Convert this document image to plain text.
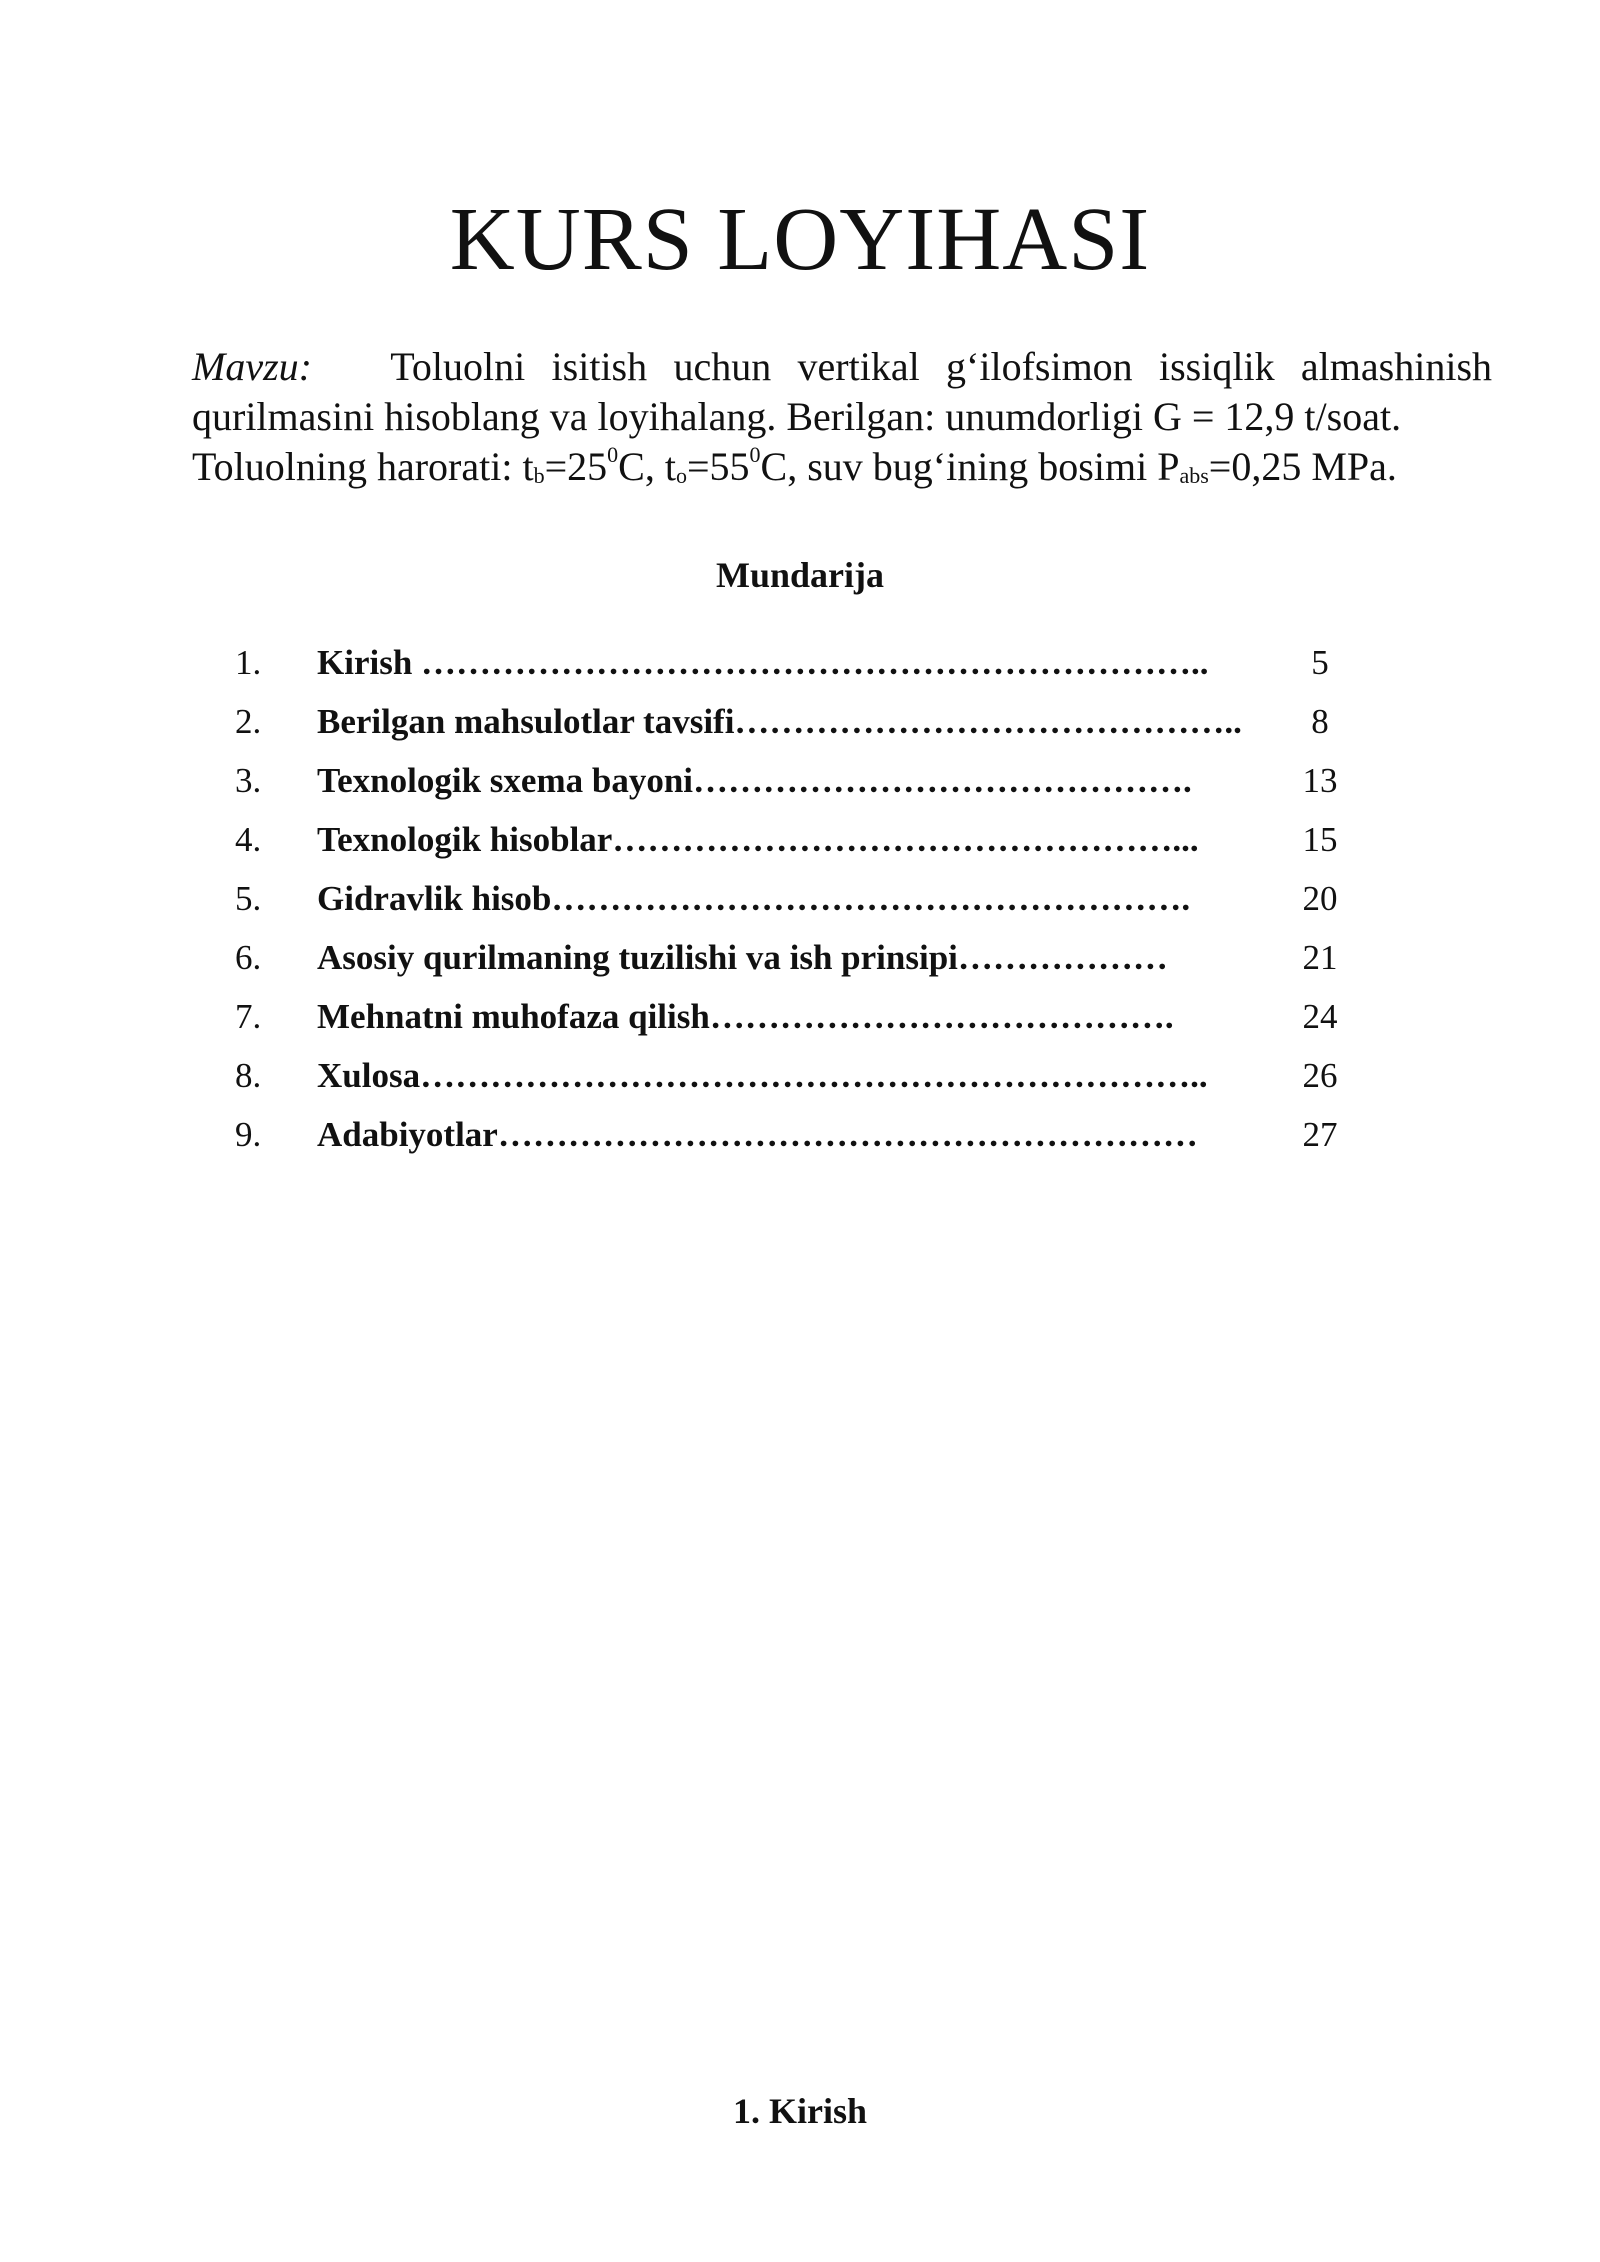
KURS LOYIHASI

Mavzu: Toluolni isitish uchun vertikal g‘ilofsimon issiqlik almashinish qurilmasini hisoblang va loyihalang. Berilgan: unumdorligi G = 12,9 t/soat.
Toluolning harorati: $t_b=25^0C$, $t_o=55^0C$, suv bug‘ining bosimi $P_{abs}=0,25$ MPa.

Mundarija
1.	Kirish …………………………………………………………..	5
2.	Berilgan mahsulotlar tavsifi……………………………………..	8
3.	Texnologik sxema bayoni…………………………………….	13
4.	Texnologik hisoblar…………………………………………...	15
5.	Gidravlik hisob……………………………………………….	20
6.	Asosiy qurilmaning tuzilishi va ish prinsipi………………	21
7.	Mehnatni muhofaza qilish………………………………….	24
8.	Xulosa…………………………………………………………..	26
9.	Adabiyotlar……………………………………………………	27
1. Kirish
